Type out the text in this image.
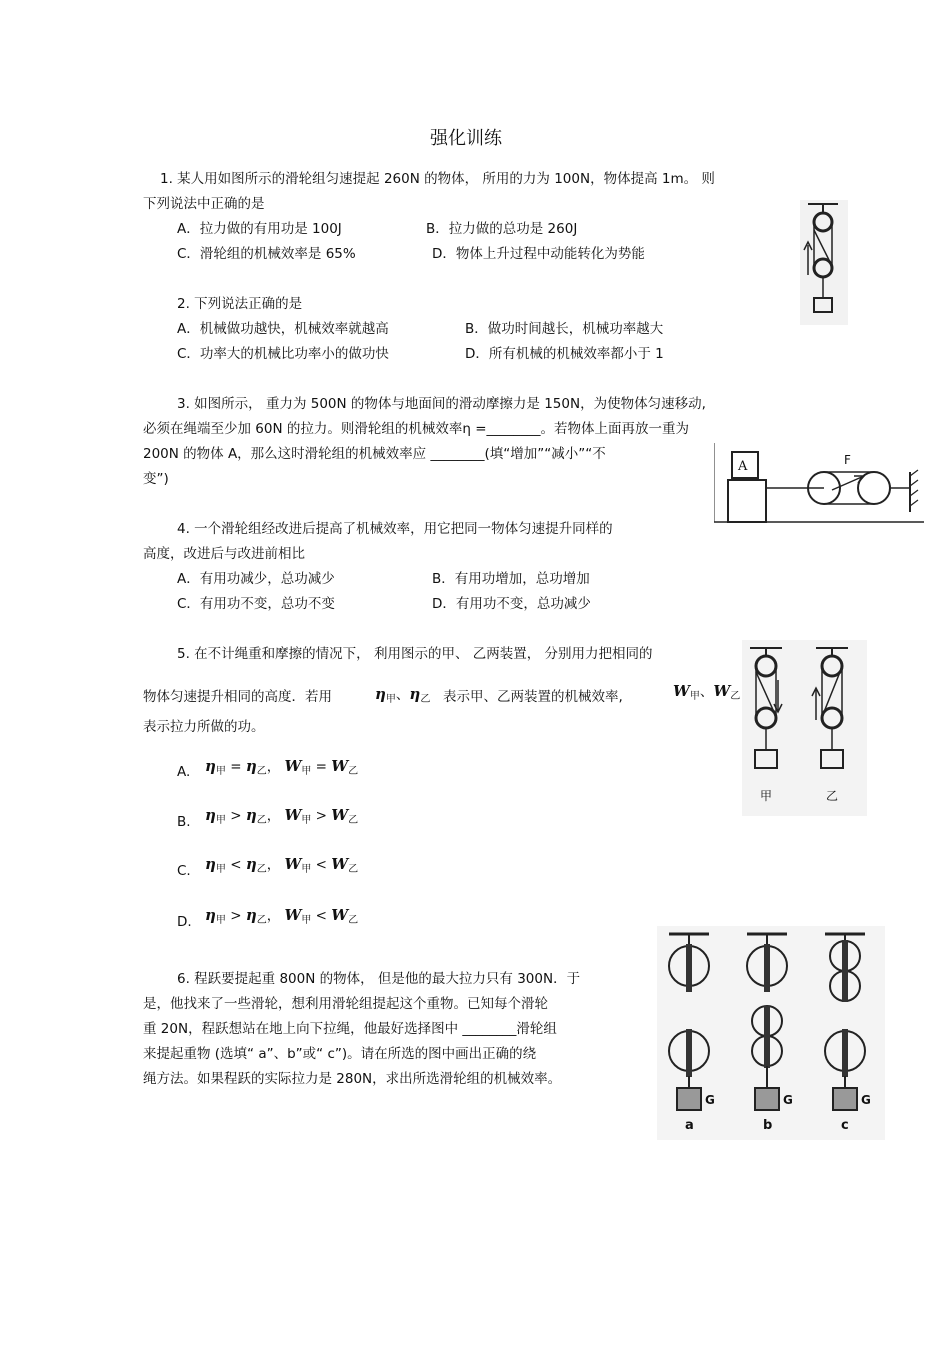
强化训练
1. 某人用如图所示的滑轮组匀速提起 260N 的物体， 所用的力为 100N，物体提高 1m。 则
下列说法中正确的是
A．拉力做的有用功是 100J	B．拉力做的总功是 260J
C．滑轮组的机械效率是 65%	D．物体上升过程中动能转化为势能
2. 下列说法正确的是
A．机械做功越快，机械效率就越高	B．做功时间越长，机械功率越大
C．功率大的机械比功率小的做功快	D．所有机械的机械效率都小于 1
3. 如图所示， 重力为 500N 的物体与地面间的滑动摩擦力是 150N，为使物体匀速移动,
必须在绳端至少加 60N 的拉力。则滑轮组的机械效率η =________。若物体上面再放一重为
200N 的物体 A，那么这时滑轮组的机械效率应 ________(填“增加”“减小”“不
变”)
A	F
4. 一个滑轮组经改进后提高了机械效率，用它把同一物体匀速提升同样的
高度，改进后与改进前相比
A．有用功减少，总功减少	B．有用功增加，总功增加
C．有用功不变，总功不变	D．有用功不变，总功减少
5. 在不计绳重和摩擦的情况下， 利用图示的甲、 乙两装置， 分别用力把相同的
物体匀速提升相同的高度．若用	$\eta_甲$、$\eta_乙$ 表示甲、乙两装置的机械效率,	$W_甲$、$W_乙$
表示拉力所做的功。
A. $\eta_甲 = \eta_乙$， $W_甲 = W_乙$
B. $\eta_甲 > \eta_乙$， $W_甲 > W_乙$
C. $\eta_甲 < \eta_乙$， $W_甲 < W_乙$
D. $\eta_甲 > \eta_乙$， $W_甲 < W_乙$
甲	乙
6. 程跃要提起重 800N 的物体， 但是他的最大拉力只有 300N．于
是，他找来了一些滑轮，想利用滑轮组提起这个重物。已知每个滑轮
重 20N，程跃想站在地上向下拉绳，他最好选择图中 ________滑轮组
来提起重物 (选填“ a”、b”或“ c”)。请在所选的图中画出正确的绕
绳方法。如果程跃的实际拉力是 280N，求出所选滑轮组的机械效率。
G
a
G
b
G
c
